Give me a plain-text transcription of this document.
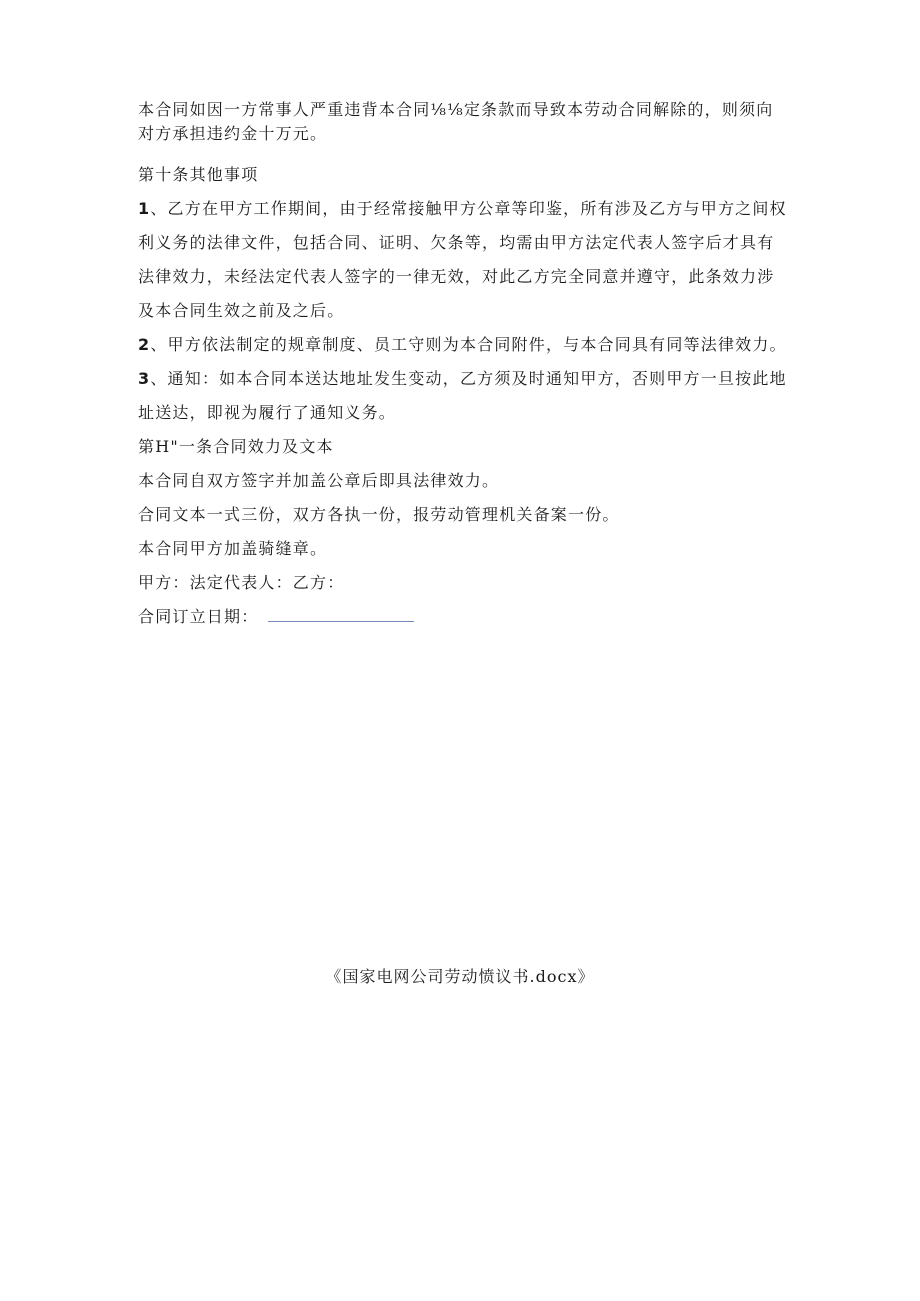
本合同如因一方常事人严重违背本合同⅛⅛定条款而导致本劳动合同解除的，则须向对方承担违约金十万元。

第十条其他事项

1、乙方在甲方工作期间，由于经常接触甲方公章等印鉴，所有涉及乙方与甲方之间权利义务的法律文件，包括合同、证明、欠条等，均需由甲方法定代表人签字后才具有法律效力，未经法定代表人签字的一律无效，对此乙方完全同意并遵守，此条效力涉及本合同生效之前及之后。

2、甲方依法制定的规章制度、员工守则为本合同附件，与本合同具有同等法律效力。

3、通知：如本合同本送达地址发生变动，乙方须及时通知甲方，否则甲方一旦按此地址送达，即视为履行了通知义务。

第H"一条合同效力及文本

本合同自双方签字并加盖公章后即具法律效力。

合同文本一式三份，双方各执一份，报劳动管理机关备案一份。

本合同甲方加盖骑缝章。

甲方：法定代表人：乙方：

合同订立日期：

《国家电网公司劳动愤议书.docx》
